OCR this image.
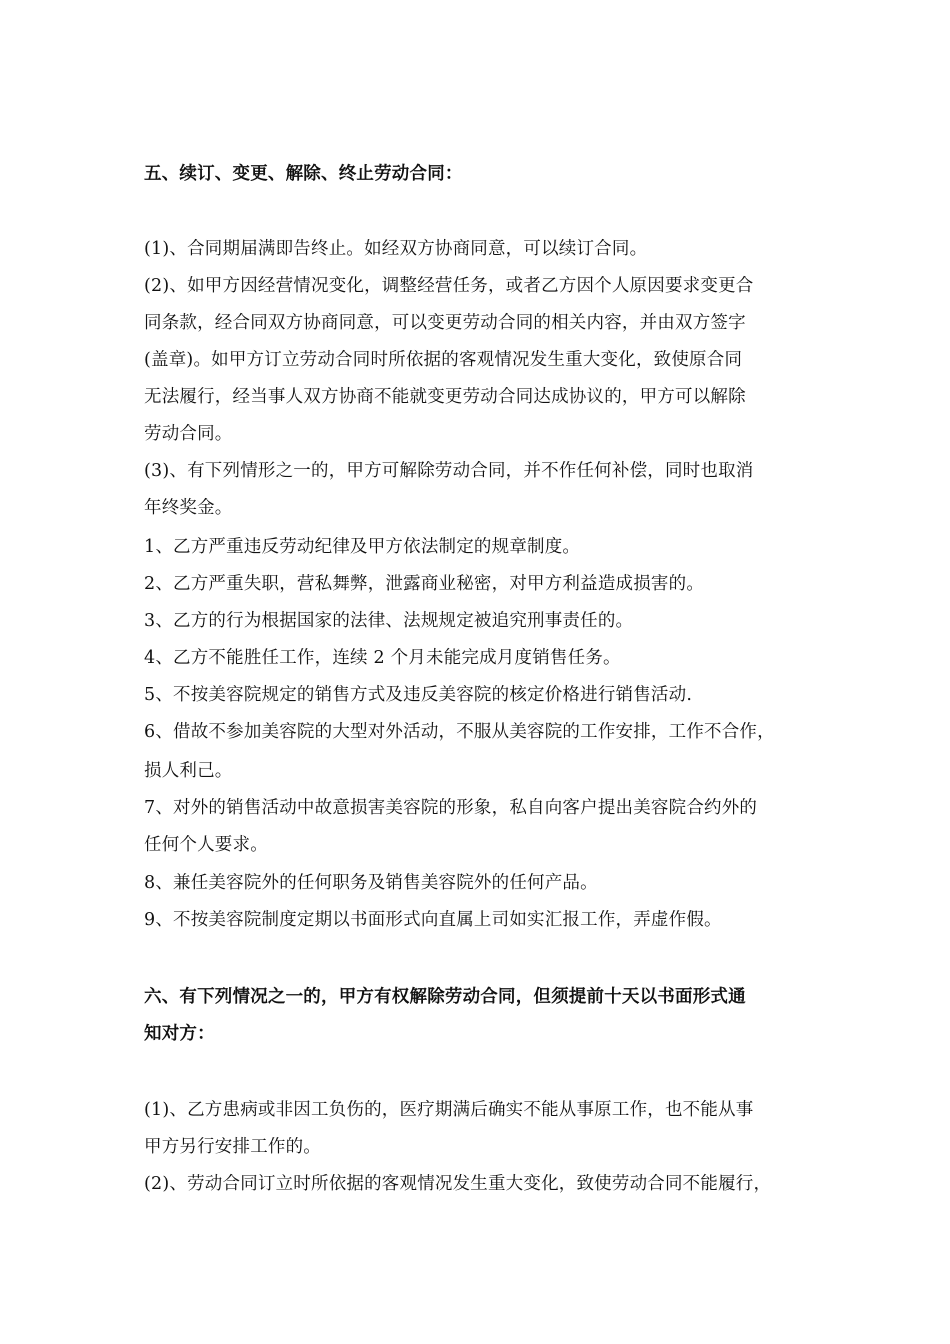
五、续订、变更、解除、终止劳动合同：
(1)、合同期届满即告终止。如经双方协商同意，可以续订合同。
(2)、如甲方因经营情况变化，调整经营任务，或者乙方因个人原因要求变更合
同条款，经合同双方协商同意，可以变更劳动合同的相关内容，并由双方签字
(盖章)。如甲方订立劳动合同时所依据的客观情况发生重大变化，致使原合同
无法履行，经当事人双方协商不能就变更劳动合同达成协议的，甲方可以解除
劳动合同。
(3)、有下列情形之一的，甲方可解除劳动合同，并不作任何补偿，同时也取消
年终奖金。
1、乙方严重违反劳动纪律及甲方依法制定的规章制度。
2、乙方严重失职，营私舞弊，泄露商业秘密，对甲方利益造成损害的。
3、乙方的行为根据国家的法律、法规规定被追究刑事责任的。
4、乙方不能胜任工作，连续 2 个月未能完成月度销售任务。
5、不按美容院规定的销售方式及违反美容院的核定价格进行销售活动.
6、借故不参加美容院的大型对外活动，不服从美容院的工作安排，工作不合作，
损人利己。
7、对外的销售活动中故意损害美容院的形象，私自向客户提出美容院合约外的
任何个人要求。
8、兼任美容院外的任何职务及销售美容院外的任何产品。
9、不按美容院制度定期以书面形式向直属上司如实汇报工作，弄虚作假。
六、有下列情况之一的，甲方有权解除劳动合同，但须提前十天以书面形式通
知对方：
(1)、乙方患病或非因工负伤的，医疗期满后确实不能从事原工作，也不能从事
甲方另行安排工作的。
(2)、劳动合同订立时所依据的客观情况发生重大变化，致使劳动合同不能履行，
